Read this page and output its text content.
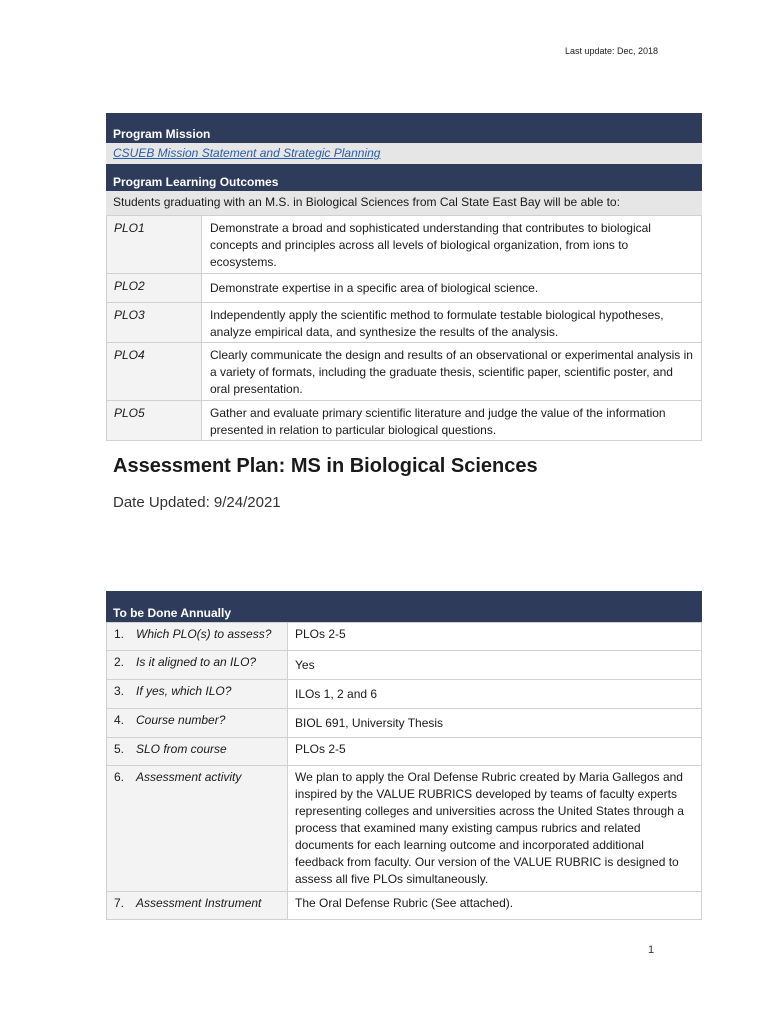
Last update: Dec, 2018
Program Mission
CSUEB Mission Statement and Strategic Planning
Program Learning Outcomes
Students graduating with an M.S. in Biological Sciences from Cal State East Bay will be able to:
PLO1	Demonstrate a broad and sophisticated understanding that contributes to biological concepts and principles across all levels of biological organization, from ions to ecosystems.
PLO2	Demonstrate expertise in a specific area of biological science.
PLO3	Independently apply the scientific method to formulate testable biological hypotheses, analyze empirical data, and synthesize the results of the analysis.
PLO4	Clearly communicate the design and results of an observational or experimental analysis in a variety of formats, including the graduate thesis, scientific paper, scientific poster, and oral presentation.
PLO5	Gather and evaluate primary scientific literature and judge the value of the information presented in relation to particular biological questions.
Assessment Plan: MS in Biological Sciences
Date Updated: 9/24/2021
To be Done Annually
1. Which PLO(s) to assess?	PLOs 2-5
2. Is it aligned to an ILO?	Yes
3. If yes, which ILO?	ILOs 1, 2 and 6
4. Course number?	BIOL 691, University Thesis
5. SLO from course	PLOs 2-5
6. Assessment activity	We plan to apply the Oral Defense Rubric created by Maria Gallegos and inspired by the VALUE RUBRICS developed by teams of faculty experts representing colleges and universities across the United States through a process that examined many existing campus rubrics and related documents for each learning outcome and incorporated additional feedback from faculty. Our version of the VALUE RUBRIC is designed to assess all five PLOs simultaneously.
7. Assessment Instrument	The Oral Defense Rubric (See attached).
1
